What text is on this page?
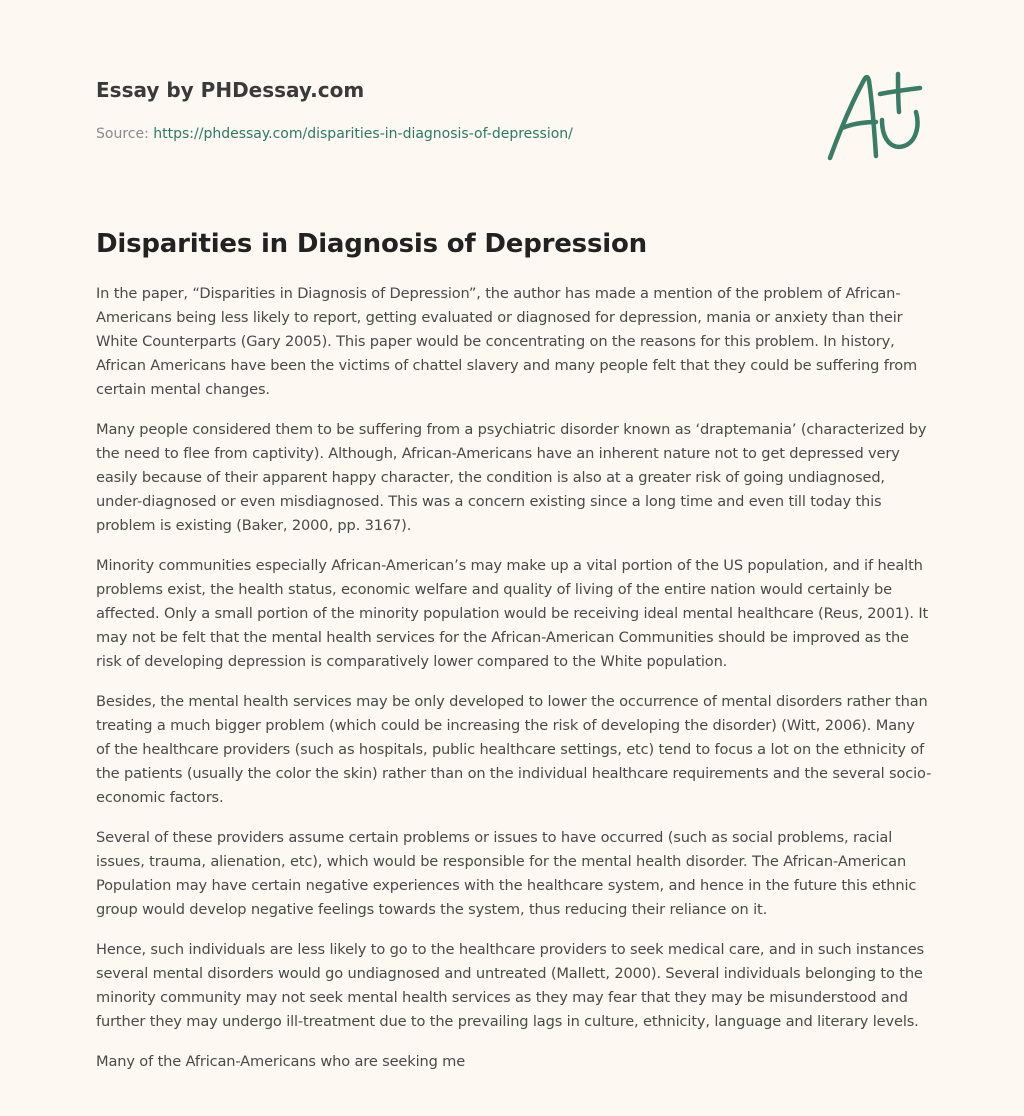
Essay by PHDessay.com
Source: https://phdessay.com/disparities-in-diagnosis-of-depression/
Disparities in Diagnosis of Depression

In the paper, “Disparities in Diagnosis of Depression”, the author has made a mention of the problem of African-Americans being less likely to report, getting evaluated or diagnosed for depression, mania or anxiety than their White Counterparts (Gary 2005). This paper would be concentrating on the reasons for this problem. In history, African Americans have been the victims of chattel slavery and many people felt that they could be suffering from certain mental changes.

Many people considered them to be suffering from a psychiatric disorder known as ‘draptemania’ (characterized by the need to flee from captivity). Although, African-Americans have an inherent nature not to get depressed very easily because of their apparent happy character, the condition is also at a greater risk of going undiagnosed, under-diagnosed or even misdiagnosed. This was a concern existing since a long time and even till today this problem is existing (Baker, 2000, pp. 3167).

Minority communities especially African-American’s may make up a vital portion of the US population, and if health problems exist, the health status, economic welfare and quality of living of the entire nation would certainly be affected. Only a small portion of the minority population would be receiving ideal mental healthcare (Reus, 2001). It may not be felt that the mental health services for the African-American Communities should be improved as the risk of developing depression is comparatively lower compared to the White population.

Besides, the mental health services may be only developed to lower the occurrence of mental disorders rather than treating a much bigger problem (which could be increasing the risk of developing the disorder) (Witt, 2006). Many of the healthcare providers (such as hospitals, public healthcare settings, etc) tend to focus a lot on the ethnicity of the patients (usually the color the skin) rather than on the individual healthcare requirements and the several socio-economic factors.

Several of these providers assume certain problems or issues to have occurred (such as social problems, racial issues, trauma, alienation, etc), which would be responsible for the mental health disorder. The African-American Population may have certain negative experiences with the healthcare system, and hence in the future this ethnic group would develop negative feelings towards the system, thus reducing their reliance on it.

Hence, such individuals are less likely to go to the healthcare providers to seek medical care, and in such instances several mental disorders would go undiagnosed and untreated (Mallett, 2000). Several individuals belonging to the minority community may not seek mental health services as they may fear that they may be misunderstood and further they may undergo ill-treatment due to the prevailing lags in culture, ethnicity, language and literary levels.

Many of the African-Americans who are seeking me
